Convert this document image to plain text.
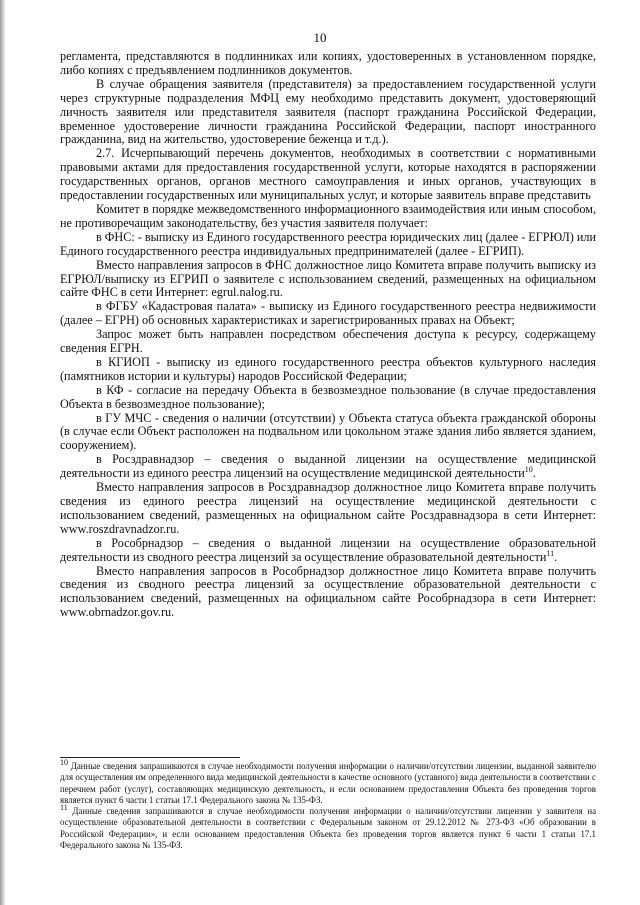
10

регламента, представляются в подлинниках или копиях, удостоверенных в установленном порядке, либо копиях с предъявлением подлинников документов.

В случае обращения заявителя (представителя) за предоставлением государственной услуги через структурные подразделения МФЦ ему необходимо представить документ, удостоверяющий личность заявителя или представителя заявителя (паспорт гражданина Российской Федерации, временное удостоверение личности гражданина Российской Федерации, паспорт иностранного гражданина, вид на жительство, удостоверение беженца и т.д.).

2.7. Исчерпывающий перечень документов, необходимых в соответствии с нормативными правовыми актами для предоставления государственной услуги, которые находятся в распоряжении государственных органов, органов местного самоуправления и иных органов, участвующих в предоставлении государственных или муниципальных услуг, и которые заявитель вправе представить

Комитет в порядке межведомственного информационного взаимодействия или иным способом, не противоречащим законодательству, без участия заявителя получает:

в ФНС: - выписку из Единого государственного реестра юридических лиц (далее - ЕГРЮЛ) или Единого государственного реестра индивидуальных предпринимателей (далее - ЕГРИП).

Вместо направления запросов в ФНС должностное лицо Комитета вправе получить выписку из ЕГРЮЛ/выписку из ЕГРИП о заявителе с использованием сведений, размещенных на официальном сайте ФНС в сети Интернет: egrul.nalog.ru.

в ФГБУ «Кадастровая палата» - выписку из Единого государственного реестра недвижимости (далее – ЕГРН) об основных характеристиках и зарегистрированных правах на Объект;

Запрос может быть направлен посредством обеспечения доступа к ресурсу, содержащему сведения ЕГРН.

в КГИОП - выписку из единого государственного реестра объектов культурного наследия (памятников истории и культуры) народов Российской Федерации;

в КФ - согласие на передачу Объекта в безвозмездное пользование (в случае предоставления Объекта в безвозмездное пользование);

в ГУ МЧС - сведения о наличии (отсутствии) у Объекта статуса объекта гражданской обороны (в случае если Объект расположен на подвальном или цокольном этаже здания либо является зданием, сооружением).

в Росздравнадзор – сведения о выданной лицензии на осуществление медицинской деятельности из единого реестра лицензий на осуществление медицинской деятельности$^{10}$.

Вместо направления запросов в Росздравнадзор должностное лицо Комитета вправе получить сведения из единого реестра лицензий на осуществление медицинской деятельности с использованием сведений, размещенных на официальном сайте Росздравнадзора в сети Интернет: www.roszdravnadzor.ru.

в Рособрнадзор – сведения о выданной лицензии на осуществление образовательной деятельности из сводного реестра лицензий за осуществление образовательной деятельности$^{11}$.

Вместо направления запросов в Рособрнадзор должностное лицо Комитета вправе получить сведения из сводного реестра лицензий за осуществление образовательной деятельности с использованием сведений, размещенных на официальном сайте Рособрнадзора в сети Интернет: www.obrnadzor.gov.ru.

$^{10}$ Данные сведения запрашиваются в случае необходимости получения информации о наличии/отсутствии лицензии, выданной заявителю для осуществления им определенного вида медицинской деятельности в качестве основного (уставного) вида деятельности в соответствии с перечнем работ (услуг), составляющих медицинскую деятельность, и если основанием предоставления Объекта без проведения торгов является пункт 6 части 1 статьи 17.1 Федерального закона № 135-ФЗ.

$^{11}$ Данные сведения запрашиваются в случае необходимости получения информации о наличии/отсутствии лицензии у заявителя на осуществление образовательной деятельности в соответствии с Федеральным законом от 29.12.2012 № 273-ФЗ «Об образовании в Российской Федерации», и если основанием предоставления Объекта без проведения торгов является пункт 6 части 1 статьи 17.1 Федерального закона № 135-ФЗ.
